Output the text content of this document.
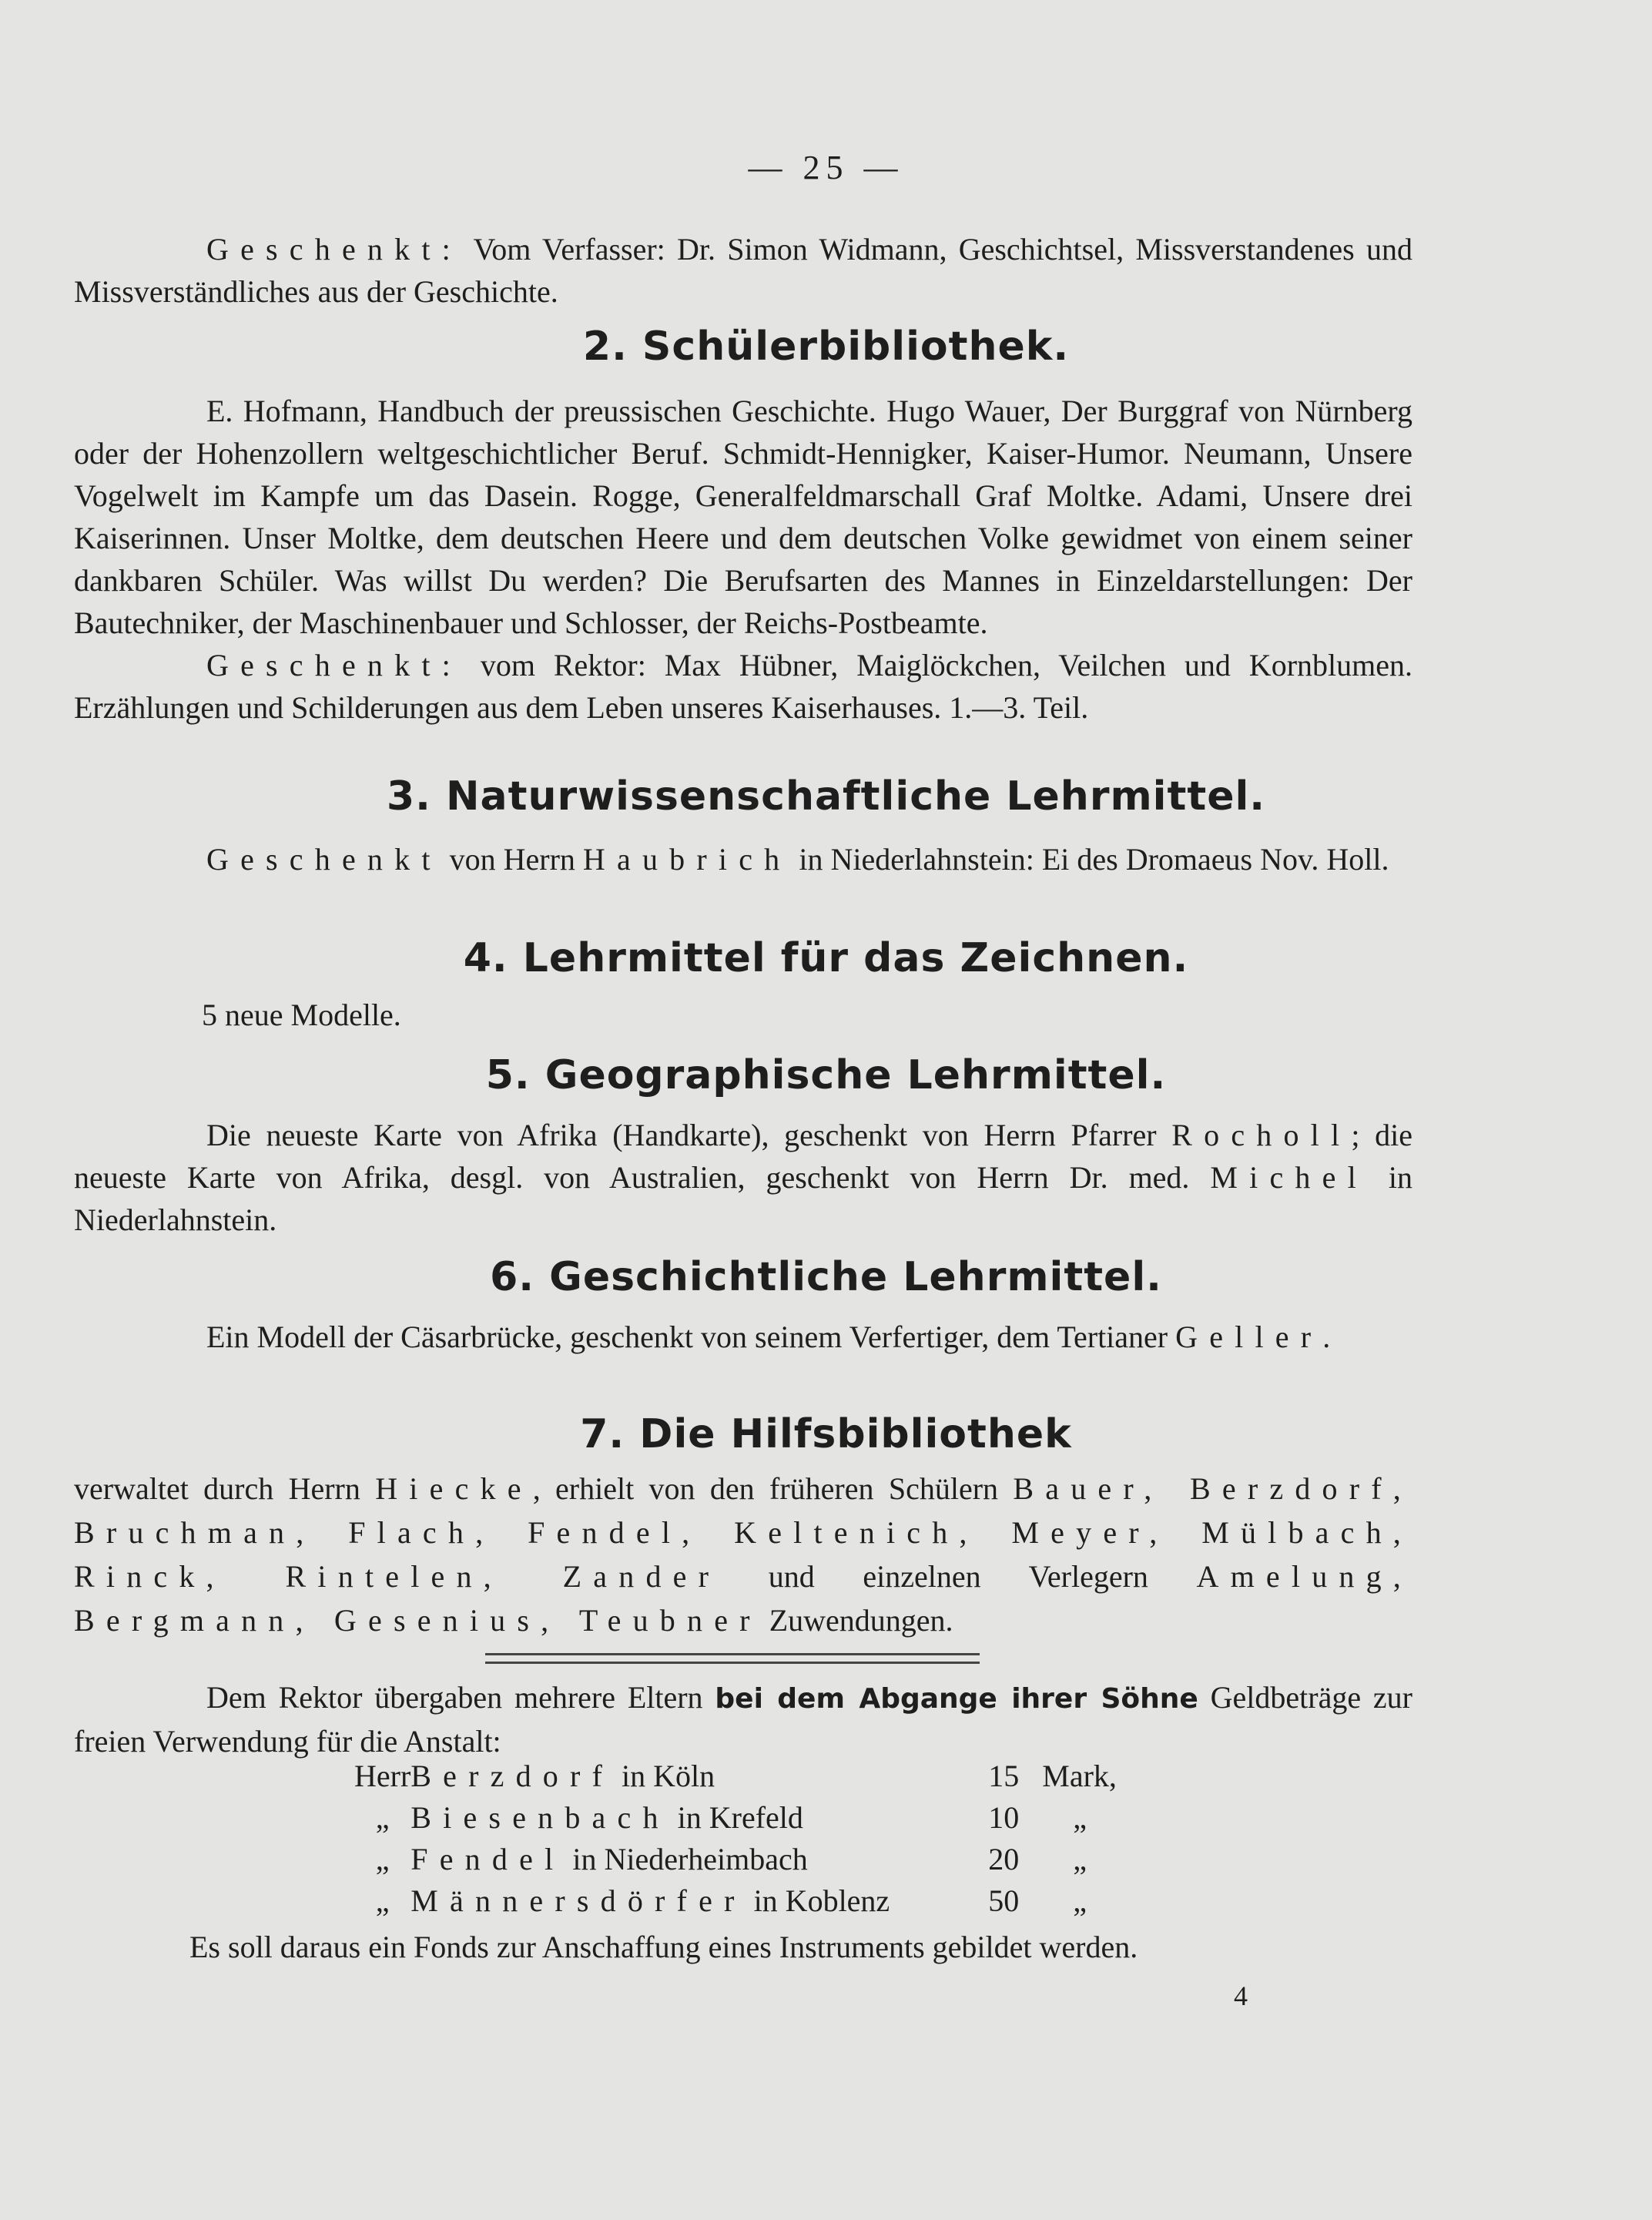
— 25 —

Geschenkt: Vom Verfasser: Dr. Simon Widmann, Geschichtsel, Missverstandenes und Missverständliches aus der Geschichte.

2. Schülerbibliothek.

E. Hofmann, Handbuch der preussischen Geschichte. Hugo Wauer, Der Burggraf von Nürnberg oder der Hohenzollern weltgeschichtlicher Beruf. Schmidt-Hennigker, Kaiser-Humor. Neumann, Unsere Vogelwelt im Kampfe um das Dasein. Rogge, Generalfeldmarschall Graf Moltke. Adami, Unsere drei Kaiserinnen. Unser Moltke, dem deutschen Heere und dem deutschen Volke gewidmet von einem seiner dankbaren Schüler. Was willst Du werden? Die Berufsarten des Mannes in Einzeldarstellungen: Der Bautechniker, der Maschinenbauer und Schlosser, der Reichs-Postbeamte.

Geschenkt: vom Rektor: Max Hübner, Maiglöckchen, Veilchen und Kornblumen. Erzählungen und Schilderungen aus dem Leben unseres Kaiserhauses. 1.—3. Teil.

3. Naturwissenschaftliche Lehrmittel.

Geschenkt von Herrn Haubrich in Niederlahnstein: Ei des Dromaeus Nov. Holl.

4. Lehrmittel für das Zeichnen.

5 neue Modelle.

5. Geographische Lehrmittel.

Die neueste Karte von Afrika (Handkarte), geschenkt von Herrn Pfarrer Rocholl; die neueste Karte von Afrika, desgl. von Australien, geschenkt von Herrn Dr. med. Michel in Niederlahnstein.

6. Geschichtliche Lehrmittel.

Ein Modell der Cäsarbrücke, geschenkt von seinem Verfertiger, dem Tertianer Geller.

7. Die Hilfsbibliothek

verwaltet durch Herrn Hiecke, erhielt von den früheren Schülern Bauer, Berzdorf, Bruchman, Flach, Fendel, Keltenich, Meyer, Mülbach, Rinck, Rintelen, Zander und einzelnen Verlegern Amelung, Bergmann, Gesenius, Teubner Zuwendungen.

Dem Rektor übergaben mehrere Eltern bei dem Abgange ihrer Söhne Geldbeträge zur freien Verwendung für die Anstalt:

Herr	Berzdorf in Köln	15	Mark,
„	Biesenbach in Krefeld	10	„
„	Fendel in Niederheimbach	20	„
„	Männersdörfer in Koblenz	50	„

Es soll daraus ein Fonds zur Anschaffung eines Instruments gebildet werden.

4
